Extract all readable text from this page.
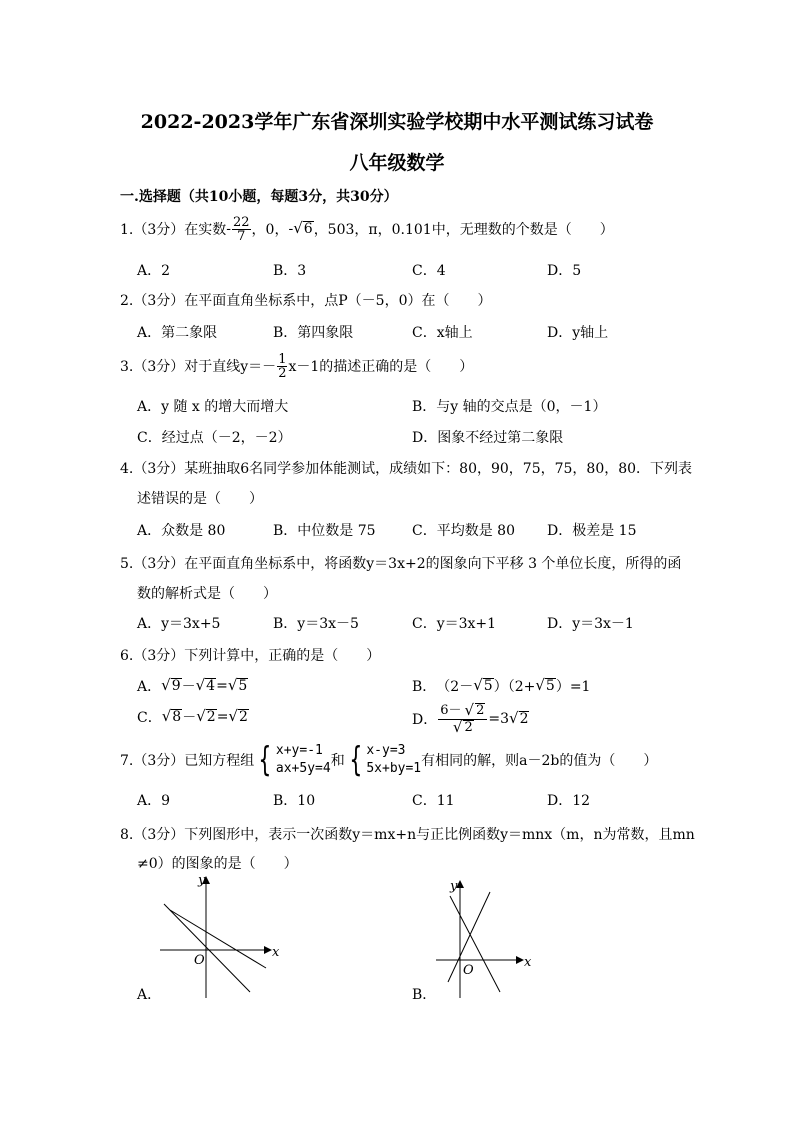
2022-2023学年广东省深圳实验学校期中水平测试练习试卷
八年级数学
一.选择题（共10小题，每题3分，共30分）
1.（3分）在实数 - $\frac{22}{7}$ ，0， - √ 6 ，503，π，0.101中，无理数的个数是（　　）
A．2	B．3	C．4	D．5
2.（3分）在平面直角坐标系中，点P（－5，0）在（　　）
A．第二象限	B．第四象限	C．x轴上	D．y轴上
3.（3分）对于直线$y=- \frac{1}{2} x-1$的描述正确的是（　　）
A．y 随 x 的增大而增大	B．与y 轴的交点是（0，－1）
C．经过点（－2，－2）	D．图象不经过第二象限
4.（3分）某班抽取6名同学参加体能测试，成绩如下：80，90，75，75，80，80．下列表
述错误的是（　　）
A．众数是 80	B．中位数是 75	C．平均数是 80 D．极差是 15
5.（3分）在平面直角坐标系中，将函数y＝3x+2的图象向下平移 3 个单位长度，所得的函
数的解析式是（　　）
A．y＝3x+5	B．y＝3x－5	C．y＝3x+1	D．y＝3x－1
6.（3分）下列计算中，正确的是（　　）
A． √ 9 － √ 4 = √ 5	B． （2－ √ 5 ）（2+ √ 5 ）=1
C． √ 8 － √ 2 = √ 2	D． $\frac{6- √ 2}{√ 2} =3$ √ 2
7.（3分）已知方程组 { x+y=-1
ax+5y=4 和 { x-y=3
5x+by=1 有相同的解，则a－2b的值为（　　）
A．9	B．10	C．11	D．12
8.（3分）下列图形中，表示一次函数y＝mx+n与正比例函数y＝mnx（m，n为常数，且mn
≠0）的图象的是（　　）
y
x
O
A．
y
x
O
B．
